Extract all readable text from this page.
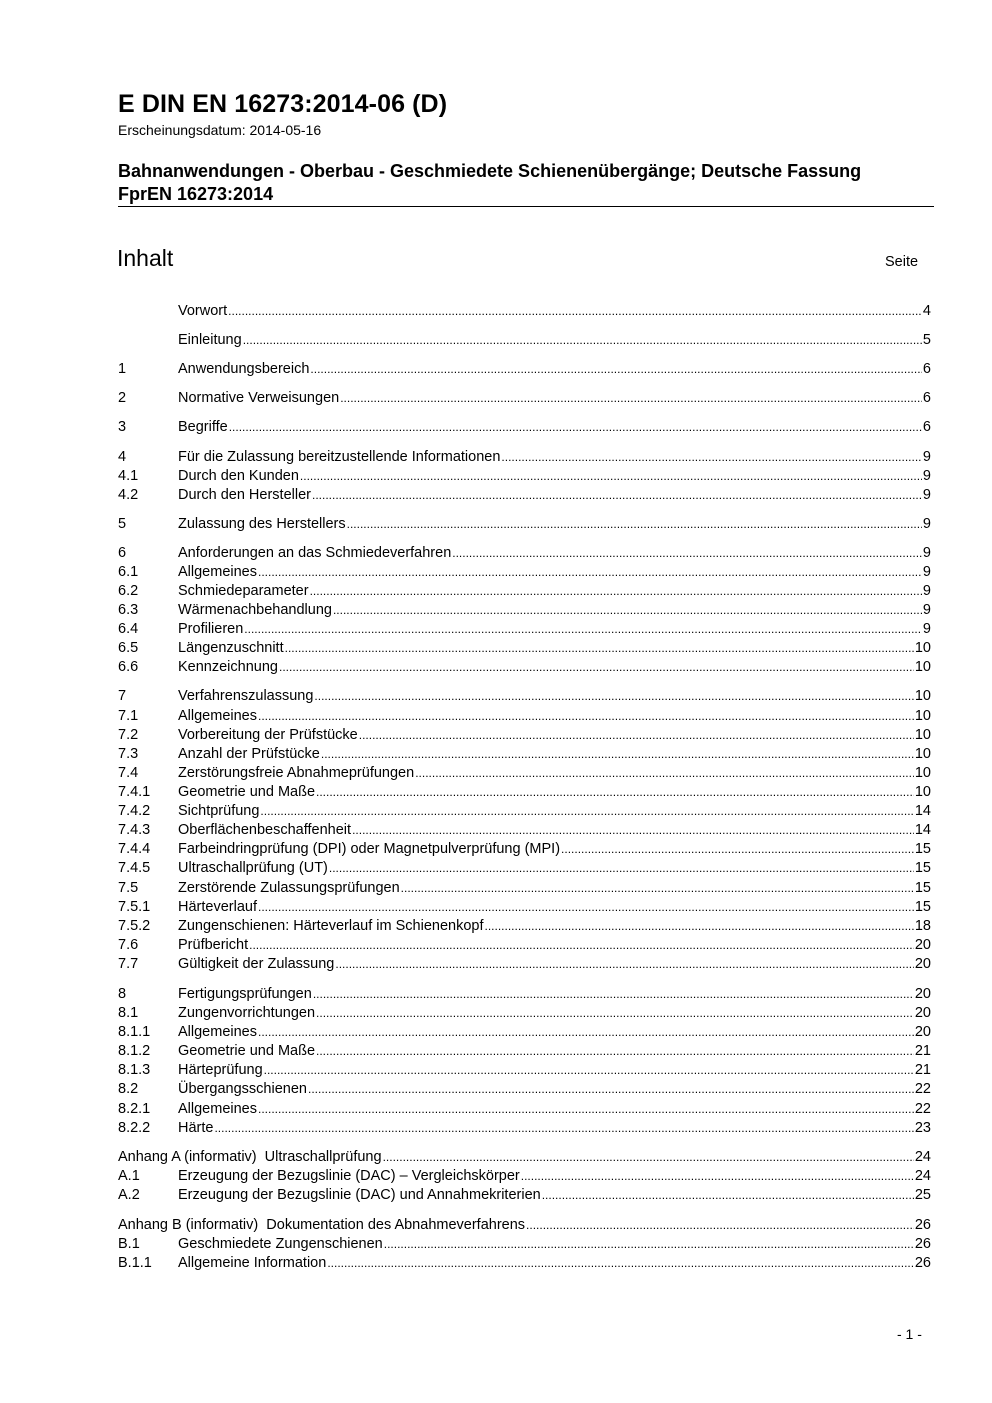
E DIN EN 16273:2014-06 (D)
Erscheinungsdatum: 2014-05-16
Bahnanwendungen - Oberbau - Geschmiedete Schienenübergänge; Deutsche Fassung FprEN 16273:2014
Inhalt	Seite
Vorwort .....	4
Einleitung .....	5
1	Anwendungsbereich .....	6
2	Normative Verweisungen .....	6
3	Begriffe .....	6
4	Für die Zulassung bereitzustellende Informationen .....	9
4.1	Durch den Kunden .....	9
4.2	Durch den Hersteller .....	9
5	Zulassung des Herstellers .....	9
6	Anforderungen an das Schmiedeverfahren .....	9
6.1	Allgemeines .....	9
6.2	Schmiedeparameter .....	9
6.3	Wärmenachbehandlung .....	9
6.4	Profilieren .....	9
6.5	Längenzuschnitt .....	10
6.6	Kennzeichnung .....	10
7	Verfahrenszulassung .....	10
7.1	Allgemeines .....	10
7.2	Vorbereitung der Prüfstücke .....	10
7.3	Anzahl der Prüfstücke .....	10
7.4	Zerstörungsfreie Abnahmeprüfungen .....	10
7.4.1	Geometrie und Maße .....	10
7.4.2	Sichtprüfung .....	14
7.4.3	Oberflächenbeschaffenheit .....	14
7.4.4	Farbeindringprüfung (DPI) oder Magnetpulverprüfung (MPI) .....	15
7.4.5	Ultraschallprüfung (UT) .....	15
7.5	Zerstörende Zulassungsprüfungen .....	15
7.5.1	Härteverlauf .....	15
7.5.2	Zungenschienen: Härteverlauf im Schienenkopf .....	18
7.6	Prüfbericht .....	20
7.7	Gültigkeit der Zulassung .....	20
8	Fertigungsprüfungen .....	20
8.1	Zungenvorrichtungen .....	20
8.1.1	Allgemeines .....	20
8.1.2	Geometrie und Maße .....	21
8.1.3	Härteprüfung .....	21
8.2	Übergangsschienen .....	22
8.2.1	Allgemeines .....	22
8.2.2	Härte .....	23
Anhang A (informativ)  Ultraschallprüfung .....	24
A.1	Erzeugung der Bezugslinie (DAC) – Vergleichskörper .....	24
A.2	Erzeugung der Bezugslinie (DAC) und Annahmekriterien .....	25
Anhang B (informativ)  Dokumentation des Abnahmeverfahrens .....	26
B.1	Geschmiedete Zungenschienen .....	26
B.1.1	Allgemeine Information .....	26
- 1 -
